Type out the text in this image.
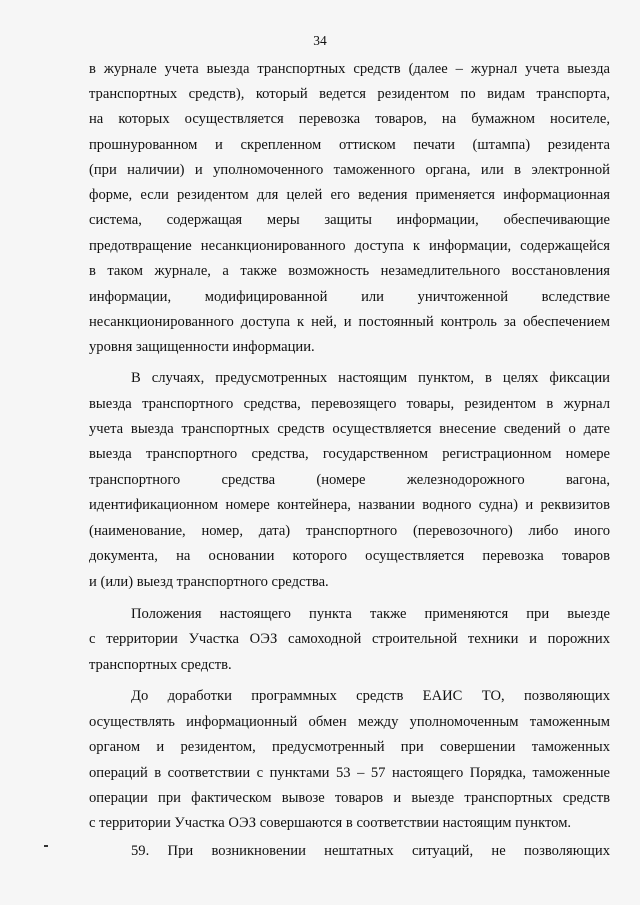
34
в журнале учета выезда транспортных средств (далее – журнал учета выезда
транспортных средств), который ведется резидентом по видам транспорта,
на которых осуществляется перевозка товаров, на бумажном носителе,
прошнурованном и скрепленном оттиском печати (штампа) резидента
(при наличии) и уполномоченного таможенного органа, или в электронной
форме, если резидентом для целей его ведения применяется информационная
система, содержащая меры защиты информации, обеспечивающие
предотвращение несанкционированного доступа к информации, содержащейся
в таком журнале, а также возможность незамедлительного восстановления
информации, модифицированной или уничтоженной вследствие
несанкционированного доступа к ней, и постоянный контроль за обеспечением
уровня защищенности информации.
В случаях, предусмотренных настоящим пунктом, в целях фиксации
выезда транспортного средства, перевозящего товары, резидентом в журнал
учета выезда транспортных средств осуществляется внесение сведений о дате
выезда транспортного средства, государственном регистрационном номере
транспортного средства (номере железнодорожного вагона,
идентификационном номере контейнера, названии водного судна) и реквизитов
(наименование, номер, дата) транспортного (перевозочного) либо иного
документа, на основании которого осуществляется перевозка товаров
и (или) выезд транспортного средства.
Положения настоящего пункта также применяются при выезде
с территории Участка ОЭЗ самоходной строительной техники и порожних
транспортных средств.
До доработки программных средств ЕАИС ТО, позволяющих
осуществлять информационный обмен между уполномоченным таможенным
органом и резидентом, предусмотренный при совершении таможенных
операций в соответствии с пунктами 53 – 57 настоящего Порядка, таможенные
операции при фактическом вывозе товаров и выезде транспортных средств
с территории Участка ОЭЗ совершаются в соответствии настоящим пунктом.
59. При возникновении нештатных ситуаций, не позволяющих
